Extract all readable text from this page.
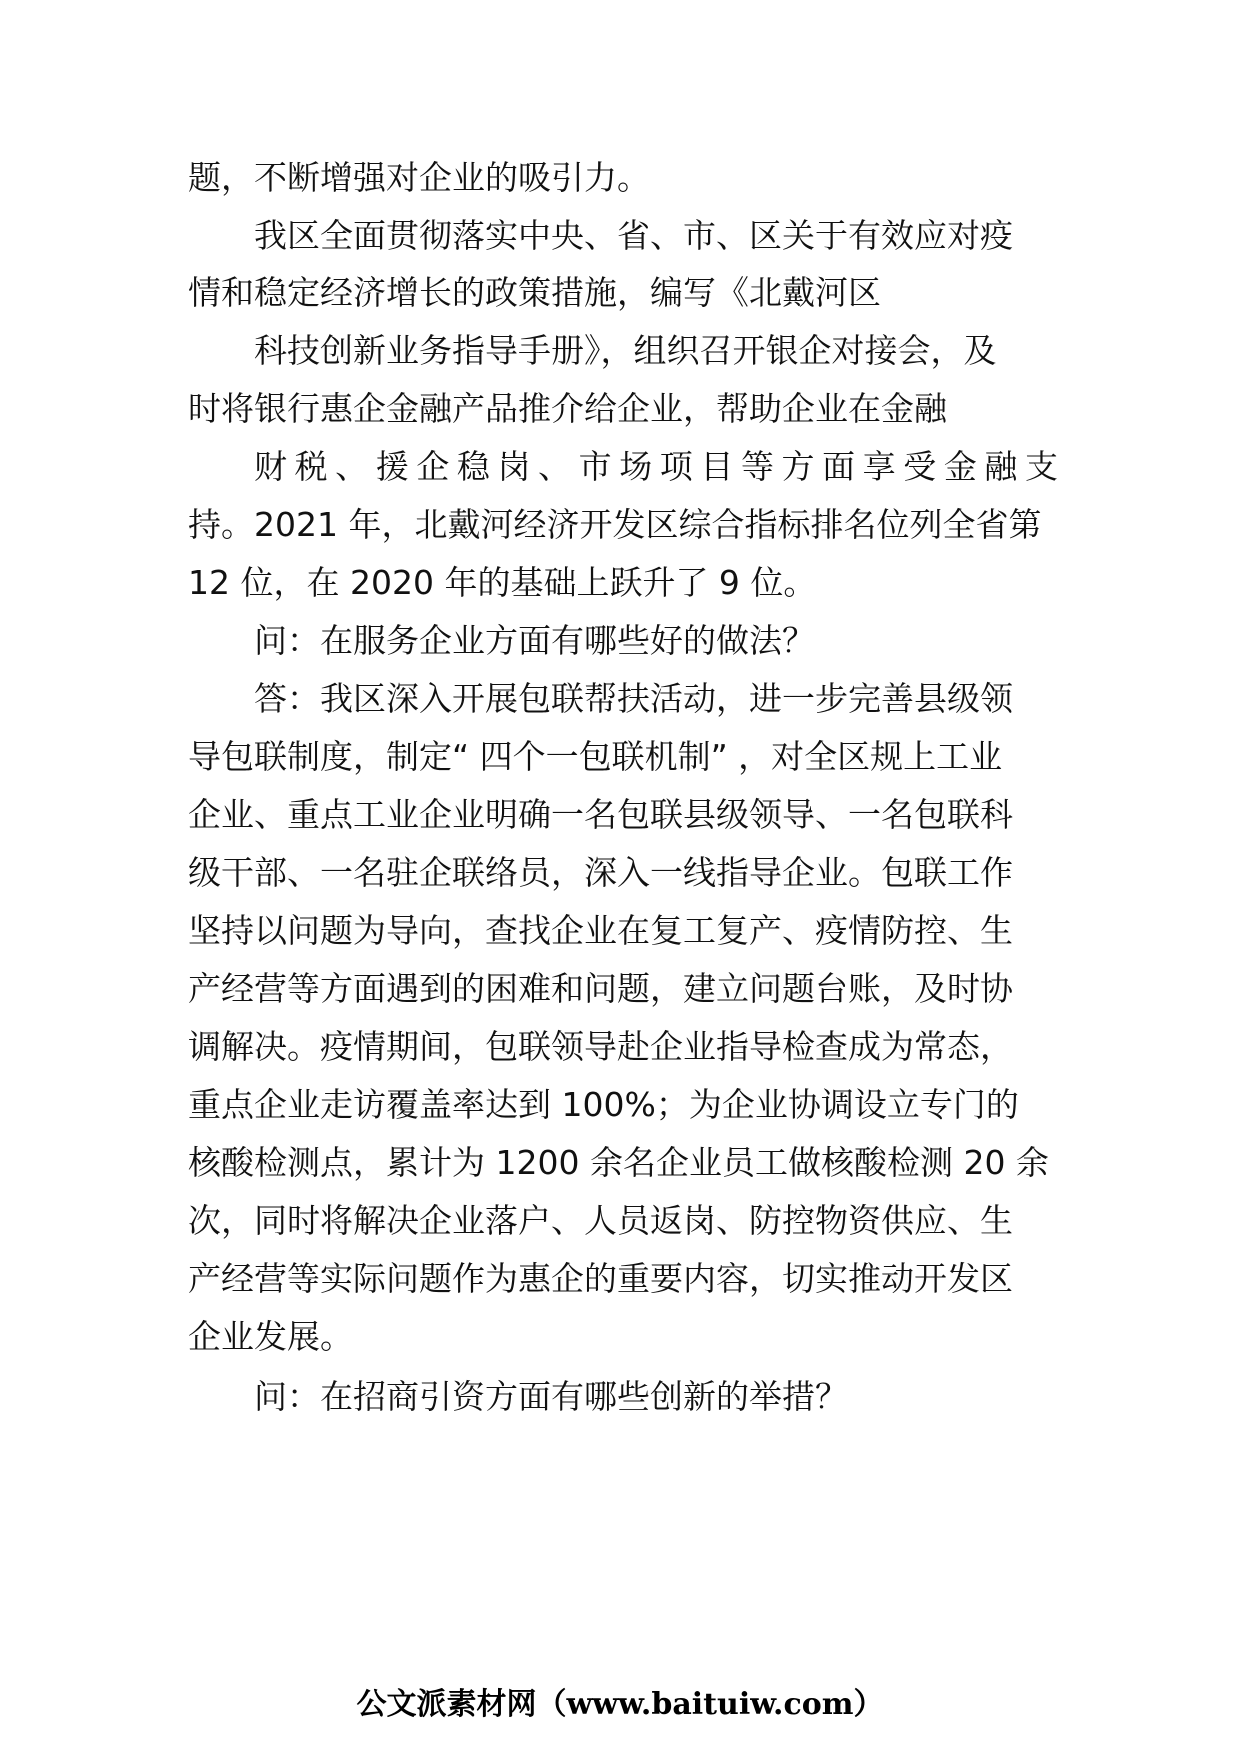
题，不断增强对企业的吸引力。
我区全面贯彻落实中央、省、市、区关于有效应对疫
情和稳定经济增长的政策措施，编写《北戴河区
科技创新业务指导手册》，组织召开银企对接会，及
时将银行惠企金融产品推介给企业，帮助企业在金融
财 税 、 援 企 稳 岗 、 市 场 项 目 等 方 面 享 受 金 融 支
持。2021 年，北戴河经济开发区综合指标排名位列全省第
12 位，在 2020 年的基础上跃升了 9 位。
问：在服务企业方面有哪些好的做法？
答：我区深入开展包联帮扶活动，进一步完善县级领
导包联制度，制定“ 四个一包联机制” ，对全区规上工业
企业、重点工业企业明确一名包联县级领导、一名包联科
级干部、一名驻企联络员，深入一线指导企业。包联工作
坚持以问题为导向，查找企业在复工复产、疫情防控、生
产经营等方面遇到的困难和问题，建立问题台账，及时协
调解决。疫情期间，包联领导赴企业指导检查成为常态，
重点企业走访覆盖率达到 100%；为企业协调设立专门的
核酸检测点，累计为 1200 余名企业员工做核酸检测 20 余
次，同时将解决企业落户、人员返岗、防控物资供应、生
产经营等实际问题作为惠企的重要内容，切实推动开发区
企业发展。
问：在招商引资方面有哪些创新的举措？
公文派素材网（www.baituiw.com）
